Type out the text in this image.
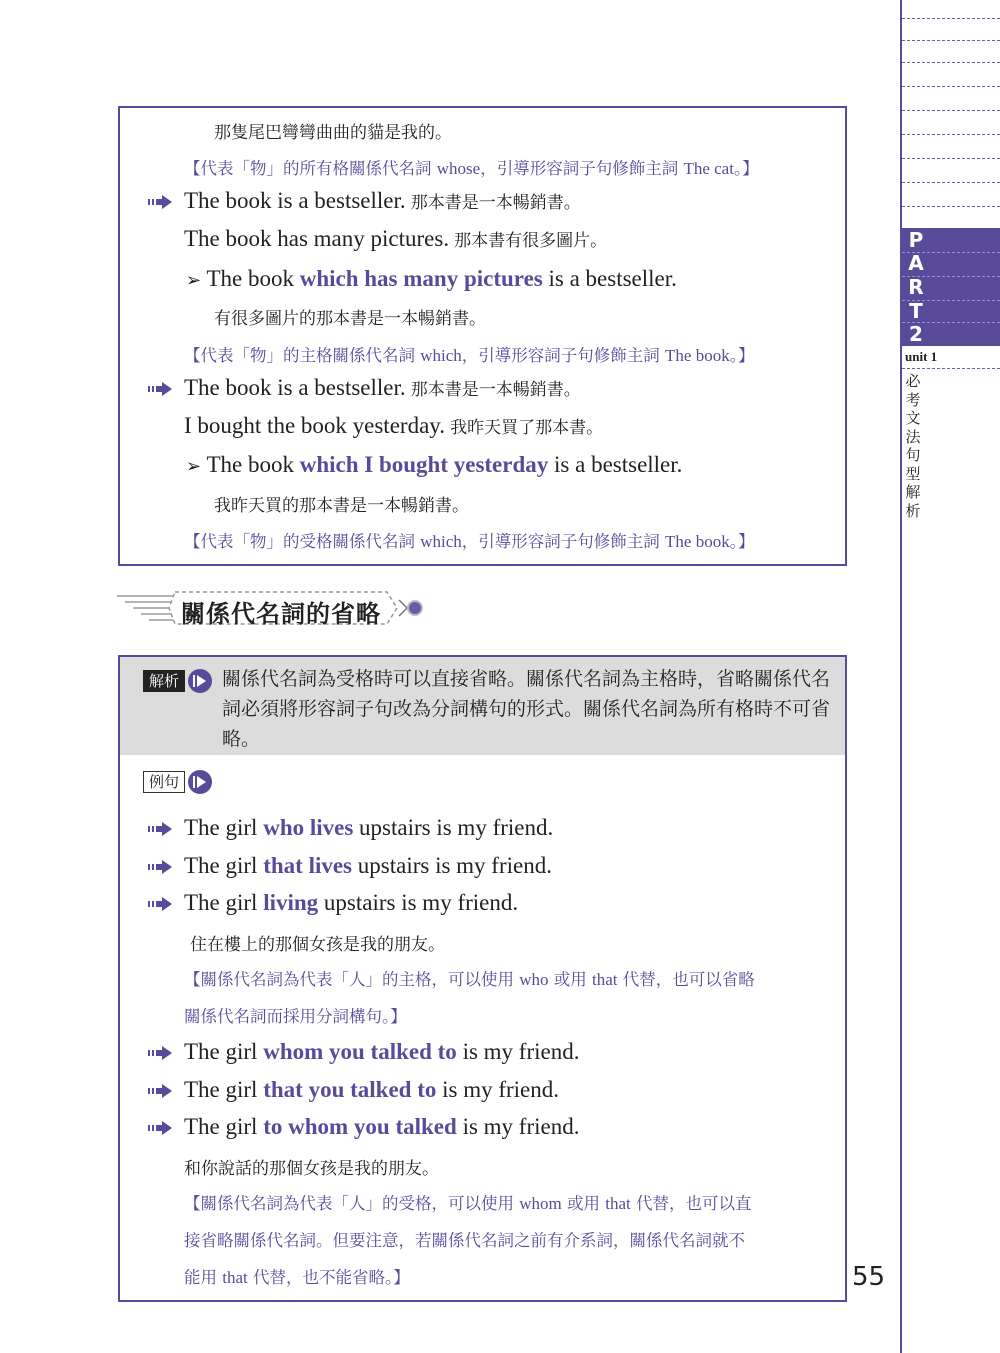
P
A
R
T
2
unit 1
必考文法句型解析
那隻尾巴彎彎曲曲的貓是我的。
【代表「物」的所有格關係代名詞 whose，引導形容詞子句修飾主詞 The cat。】
The book is a bestseller. 那本書是一本暢銷書。
The book has many pictures. 那本書有很多圖片。
➢ The book which has many pictures is a bestseller.
有很多圖片的那本書是一本暢銷書。
【代表「物」的主格關係代名詞 which，引導形容詞子句修飾主詞 The book。】
The book is a bestseller. 那本書是一本暢銷書。
I bought the book yesterday. 我昨天買了那本書。
➢ The book which I bought yesterday is a bestseller.
我昨天買的那本書是一本暢銷書。
【代表「物」的受格關係代名詞 which，引導形容詞子句修飾主詞 The book。】
關係代名詞的省略
解析	關係代名詞為受格時可以直接省略。關係代名詞為主格時，省略關係代名詞必須將形容詞子句改為分詞構句的形式。關係代名詞為所有格時不可省略。
例句
The girl who lives upstairs is my friend.
The girl that lives upstairs is my friend.
The girl living upstairs is my friend.
住在樓上的那個女孩是我的朋友。
【關係代名詞為代表「人」的主格，可以使用 who 或用 that 代替，也可以省略
關係代名詞而採用分詞構句。】
The girl whom you talked to is my friend.
The girl that you talked to is my friend.
The girl to whom you talked is my friend.
和你說話的那個女孩是我的朋友。
【關係代名詞為代表「人」的受格，可以使用 whom 或用 that 代替，也可以直
接省略關係代名詞。但要注意，若關係代名詞之前有介系詞，關係代名詞就不
能用 that 代替，也不能省略。】	55
